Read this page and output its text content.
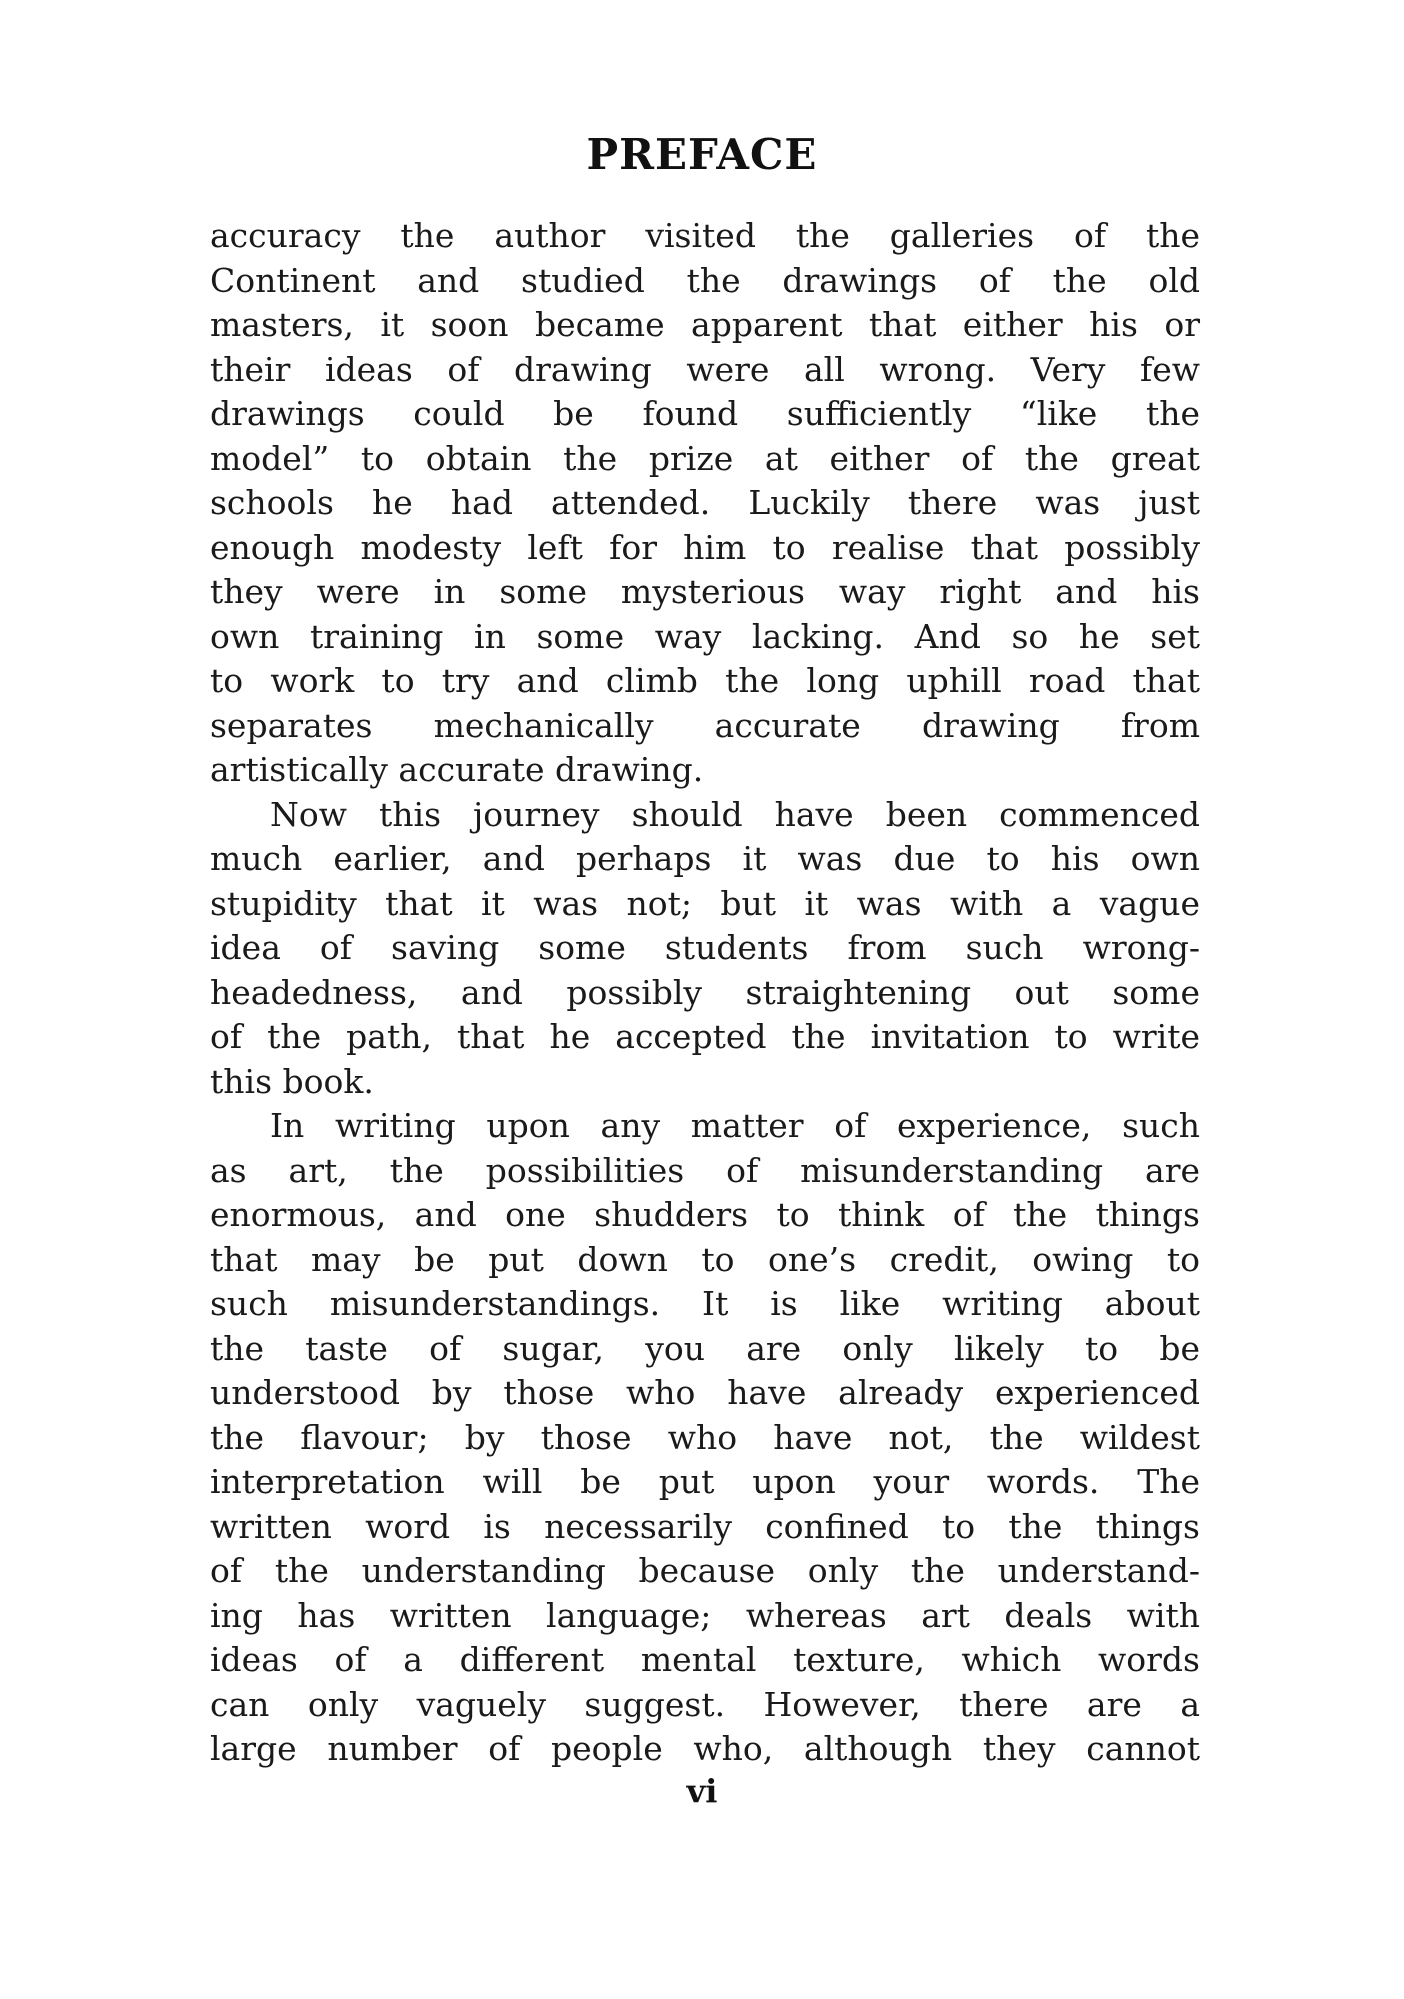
PREFACE
accuracy the author visited the galleries of the
Continent and studied the drawings of the old
masters, it soon became apparent that either his or
their ideas of drawing were all wrong. Very few
drawings could be found sufficiently “like the
model” to obtain the prize at either of the great
schools he had attended. Luckily there was just
enough modesty left for him to realise that possibly
they were in some mysterious way right and his
own training in some way lacking. And so he set
to work to try and climb the long uphill road that
separates mechanically accurate drawing from
artistically accurate drawing.
Now this journey should have been commenced
much earlier, and perhaps it was due to his own
stupidity that it was not; but it was with a vague
idea of saving some students from such wrong-
headedness, and possibly straightening out some
of the path, that he accepted the invitation to write
this book.
In writing upon any matter of experience, such
as art, the possibilities of misunderstanding are
enormous, and one shudders to think of the things
that may be put down to one’s credit, owing to
such misunderstandings. It is like writing about
the taste of sugar, you are only likely to be
understood by those who have already experienced
the flavour; by those who have not, the wildest
interpretation will be put upon your words. The
written word is necessarily confined to the things
of the understanding because only the understand-
ing has written language; whereas art deals with
ideas of a different mental texture, which words
can only vaguely suggest. However, there are a
large number of people who, although they cannot
vi
